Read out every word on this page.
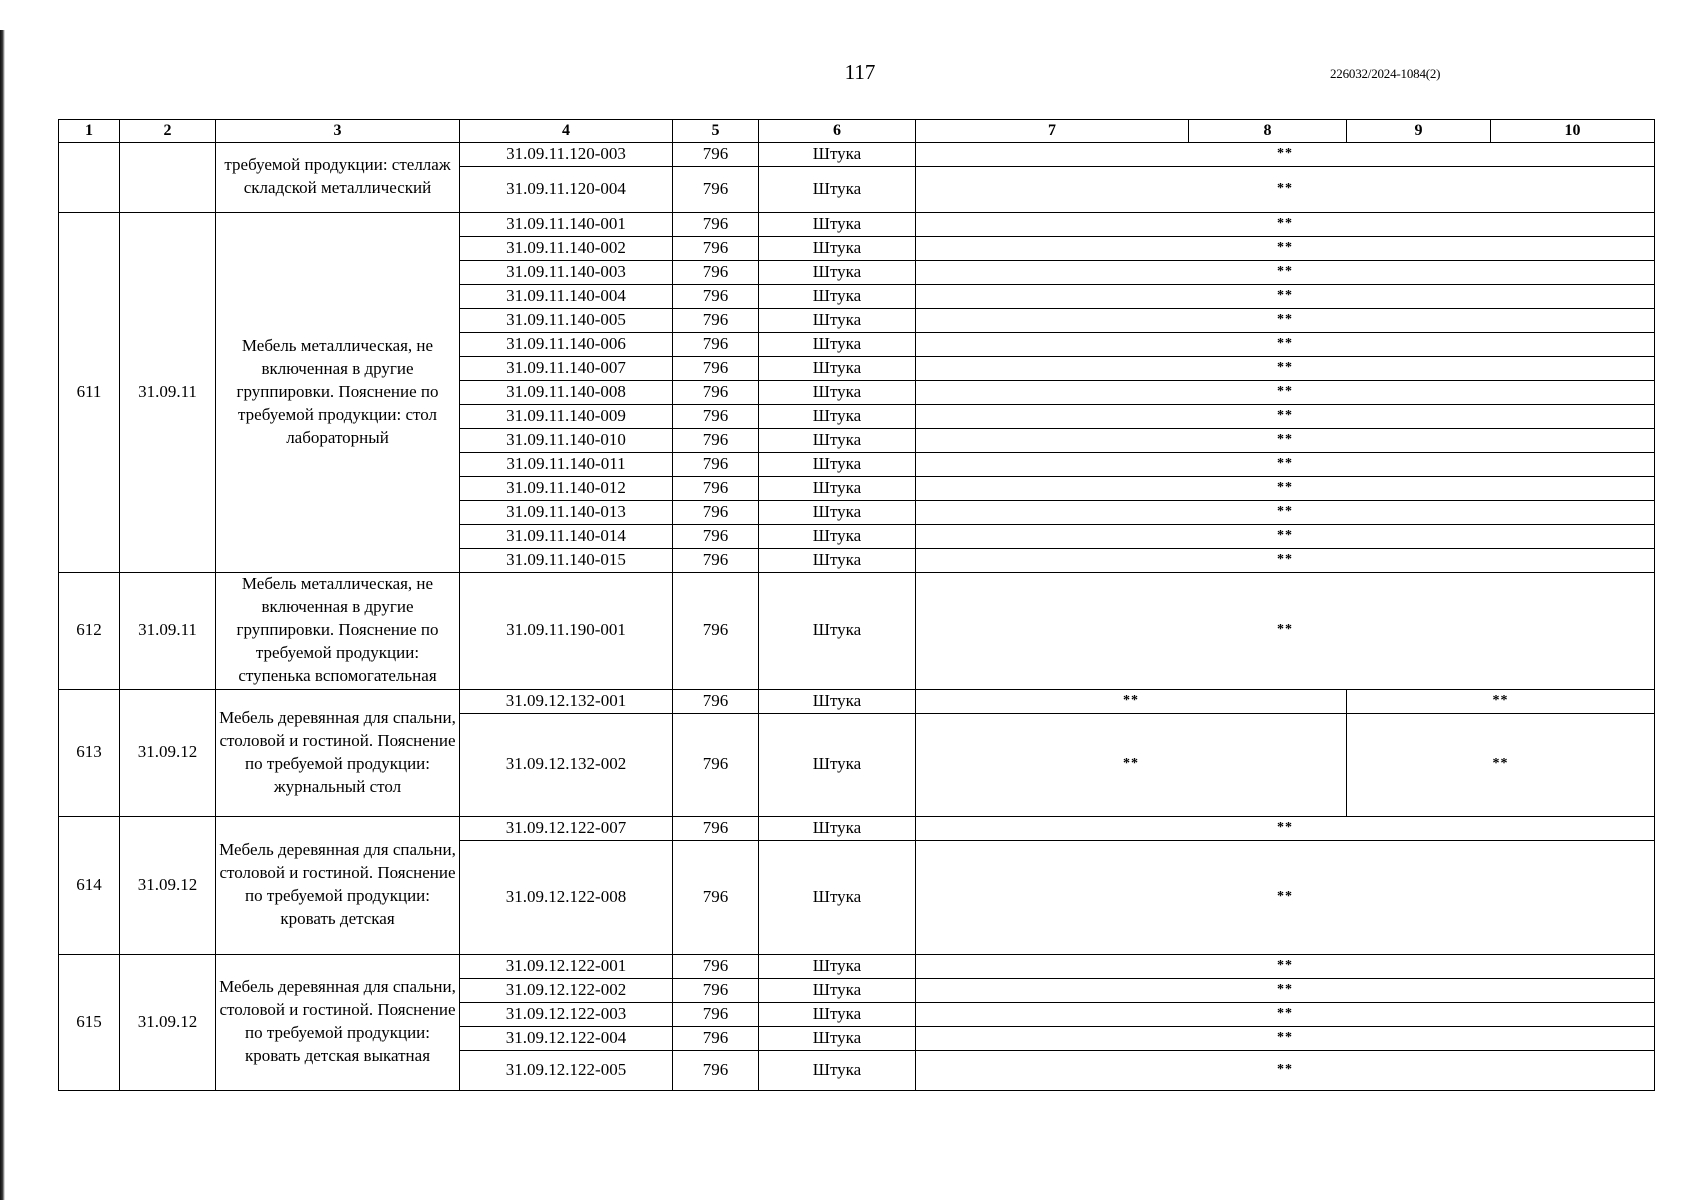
117	226032/2024-1084(2)
1	2	3	4	5	6	7	8	9	10
		требуемой продукции: стеллаж складской металлический	31.09.11.120-003	796	Штука	**			
			31.09.11.120-004	796	Штука	**			
611	31.09.11	Мебель металлическая, не включенная в другие группировки. Пояснение по требуемой продукции: стол лабораторный	31.09.11.140-001	796	Штука	**			
			31.09.11.140-002	796	Штука	**			
			31.09.11.140-003	796	Штука	**			
			31.09.11.140-004	796	Штука	**			
			31.09.11.140-005	796	Штука	**			
			31.09.11.140-006	796	Штука	**			
			31.09.11.140-007	796	Штука	**			
			31.09.11.140-008	796	Штука	**			
			31.09.11.140-009	796	Штука	**			
			31.09.11.140-010	796	Штука	**			
			31.09.11.140-011	796	Штука	**			
			31.09.11.140-012	796	Штука	**			
			31.09.11.140-013	796	Штука	**			
			31.09.11.140-014	796	Штука	**			
			31.09.11.140-015	796	Штука	**			
612	31.09.11	Мебель металлическая, не включенная в другие группировки. Пояснение по требуемой продукции: ступенька вспомогательная	31.09.11.190-001	796	Штука	**			
613	31.09.12	Мебель деревянная для спальни, столовой и гостиной. Пояснение по требуемой продукции: журнальный стол	31.09.12.132-001	796	Штука	**		**	
			31.09.12.132-002	796	Штука	**		**	
614	31.09.12	Мебель деревянная для спальни, столовой и гостиной. Пояснение по требуемой продукции: кровать детская	31.09.12.122-007	796	Штука	**			
			31.09.12.122-008	796	Штука	**			
615	31.09.12	Мебель деревянная для спальни, столовой и гостиной. Пояснение по требуемой продукции: кровать детская выкатная	31.09.12.122-001	796	Штука	**			
			31.09.12.122-002	796	Штука	**			
			31.09.12.122-003	796	Штука	**			
			31.09.12.122-004	796	Штука	**			
			31.09.12.122-005	796	Штука	**			
